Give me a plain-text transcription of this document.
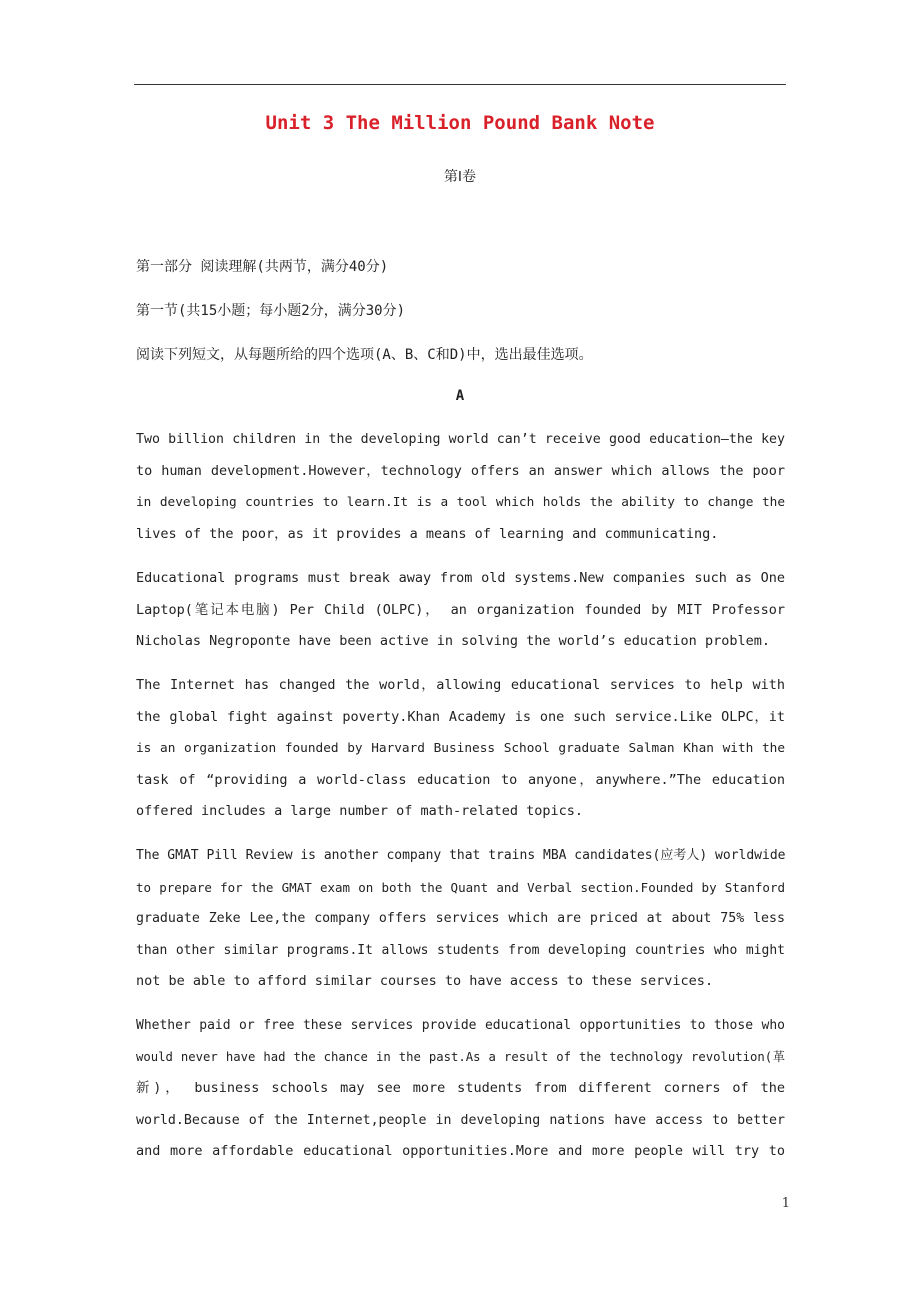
Unit 3 The Million Pound Bank Note
第Ⅰ卷
第一部分 阅读理解(共两节，满分40分)
第一节(共15小题；每小题2分，满分30分)
阅读下列短文，从每题所给的四个选项(A、B、C和D)中，选出最佳选项。
A
Two billion children in the developing world can’t receive good education—the key
to human development.However，technology offers an answer which allows the poor
in developing countries to learn.It is a tool which holds the ability to change the
lives of the poor，as it provides a means of learning and communicating.
Educational programs must break away from old systems.New companies such as One
Laptop(笔记本电脑) Per Child (OLPC)， an organization founded by MIT Professor
Nicholas Negroponte have been active in solving the world’s education problem.
The Internet has changed the world，allowing educational services to help with
the global fight against poverty.Khan Academy is one such service.Like OLPC，it
is an organization founded by Harvard Business School graduate Salman Khan with the
task of “providing a world-class education to anyone，anywhere.”The education
offered includes a large number of math-related topics.
The GMAT Pill Review is another company that trains MBA candidates(应考人) worldwide
to prepare for the GMAT exam on both the Quant and Verbal section.Founded by Stanford
graduate Zeke Lee,the company offers services which are priced at about 75% less
than other similar programs.It allows students from developing countries who might
not be able to afford similar courses to have access to these services.
Whether paid or free these services provide educational opportunities to those who
would never have had the chance in the past.As a result of the technology revolution(革
新)， business schools may see more students from different corners of the
world.Because of the Internet,people in developing nations have access to better
and more affordable educational opportunities.More and more people will try to
1
